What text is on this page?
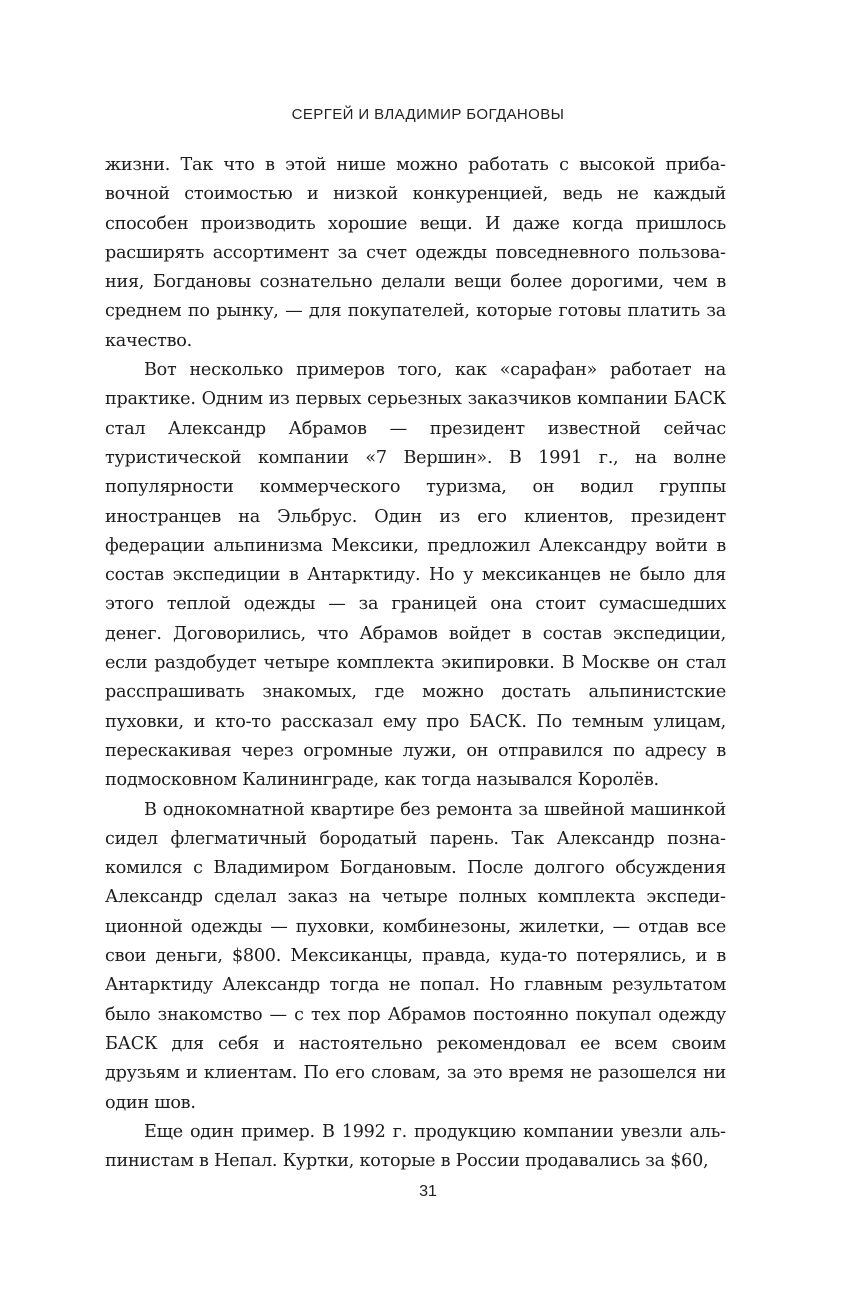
СЕРГЕЙ И ВЛАДИМИР БОГДАНОВЫ

жизни. Так что в этой нише можно работать с высокой прибавочной стоимостью и низкой конкуренцией, ведь не каждый способен производить хорошие вещи. И даже когда пришлось расширять ассортимент за счет одежды повседневного пользования, Богдановы сознательно делали вещи более дорогими, чем в среднем по рынку, — для покупателей, которые готовы платить за качество.

Вот несколько примеров того, как «сарафан» работает на практике. Одним из первых серьезных заказчиков компании БАСК стал Александр Абрамов — президент известной сейчас туристической компании «7 Вершин». В 1991 г., на волне популярности коммерческого туризма, он водил группы иностранцев на Эльбрус. Один из его клиентов, президент федерации альпинизма Мексики, предложил Александру войти в состав экспедиции в Антарктиду. Но у мексиканцев не было для этого теплой одежды — за границей она стоит сумасшедших денег. Договорились, что Абрамов войдет в состав экспедиции, если раздобудет четыре комплекта экипировки. В Москве он стал расспрашивать знакомых, где можно достать альпинистские пуховки, и кто-то рассказал ему про БАСК. По темным улицам, перескакивая через огромные лужи, он отправился по адресу в подмосковном Калининграде, как тогда назывался Королёв.

В однокомнатной квартире без ремонта за швейной машинкой сидел флегматичный бородатый парень. Так Александр познакомился с Владимиром Богдановым. После долгого обсуждения Александр сделал заказ на четыре полных комплекта экспедиционной одежды — пуховки, комбинезоны, жилетки, — отдав все свои деньги, $800. Мексиканцы, правда, куда-то потерялись, и в Антарктиду Александр тогда не попал. Но главным результатом было знакомство — с тех пор Абрамов постоянно покупал одежду БАСК для себя и настоятельно рекомендовал ее всем своим друзьям и клиентам. По его словам, за это время не разошелся ни один шов.

Еще один пример. В 1992 г. продукцию компании увезли альпинистам в Непал. Куртки, которые в России продавались за $60,

31
